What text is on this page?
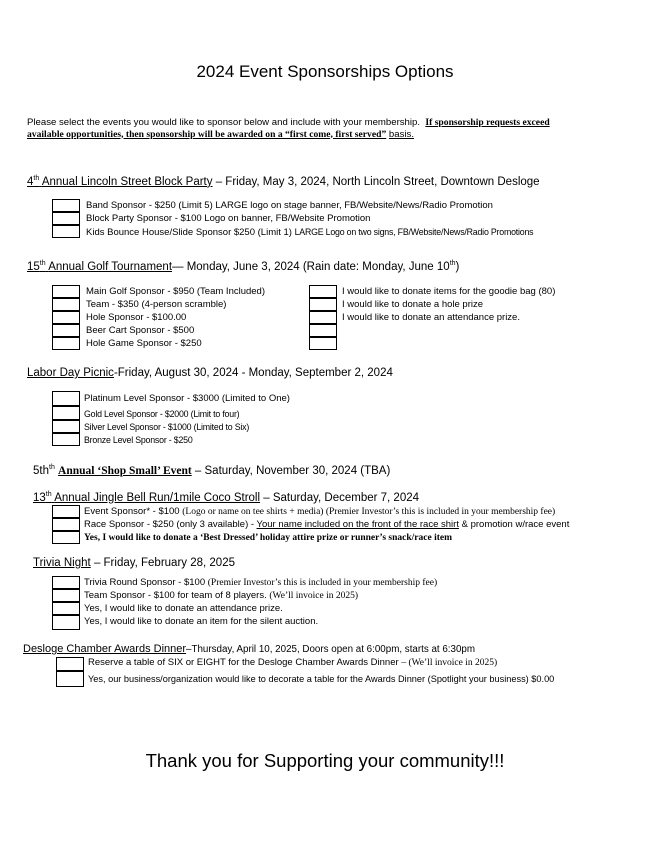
2024 Event Sponsorships Options
Please select the events you would like to sponsor below and include with your membership. If sponsorship requests exceed
available opportunities, then sponsorship will be awarded on a “first come, first served” basis.
4th Annual Lincoln Street Block Party – Friday, May 3, 2024, North Lincoln Street, Downtown Desloge
Band Sponsor - $250 (Limit 5) LARGE logo on stage banner, FB/Website/News/Radio Promotion
Block Party Sponsor - $100 Logo on banner, FB/Website Promotion
Kids Bounce House/Slide Sponsor $250 (Limit 1) LARGE Logo on two signs, FB/Website/News/Radio Promotions
15th Annual Golf Tournament— Monday, June 3, 2024 (Rain date: Monday, June 10th)
Main Golf Sponsor - $950 (Team Included)
Team - $350 (4-person scramble)
Hole Sponsor - $100.00
Beer Cart Sponsor - $500
Hole Game Sponsor - $250
I would like to donate items for the goodie bag (80)
I would like to donate a hole prize
I would like to donate an attendance prize.
Labor Day Picnic-Friday, August 30, 2024 - Monday, September 2, 2024
Platinum Level Sponsor - $3000 (Limited to One)
Gold Level Sponsor - $2000 (Limit to four)
Silver Level Sponsor - $1000 (Limited to Six)
Bronze Level Sponsor - $250
$5th^{th}$ Annual ‘Shop Small’ Event – Saturday, November 30, 2024 (TBA)
13th Annual Jingle Bell Run/1mile Coco Stroll – Saturday, December 7, 2024
Event Sponsor* - $100 (Logo or name on tee shirts + media) (Premier Investor’s this is included in your membership fee)
Race Sponsor - $250 (only 3 available) - Your name included on the front of the race shirt & promotion w/race event
Yes, I would like to donate a ‘Best Dressed’ holiday attire prize or runner’s snack/race item
Trivia Night – Friday, February 28, 2025
Trivia Round Sponsor - $100 (Premier Investor’s this is included in your membership fee)
Team Sponsor - $100 for team of 8 players. (We’ll invoice in 2025)
Yes, I would like to donate an attendance prize.
Yes, I would like to donate an item for the silent auction.
Desloge Chamber Awards Dinner–Thursday, April 10, 2025, Doors open at 6:00pm, starts at 6:30pm
Reserve a table of SIX or EIGHT for the Desloge Chamber Awards Dinner – (We’ll invoice in 2025)
Yes, our business/organization would like to decorate a table for the Awards Dinner (Spotlight your business) $0.00
Thank you for Supporting your community!!!
